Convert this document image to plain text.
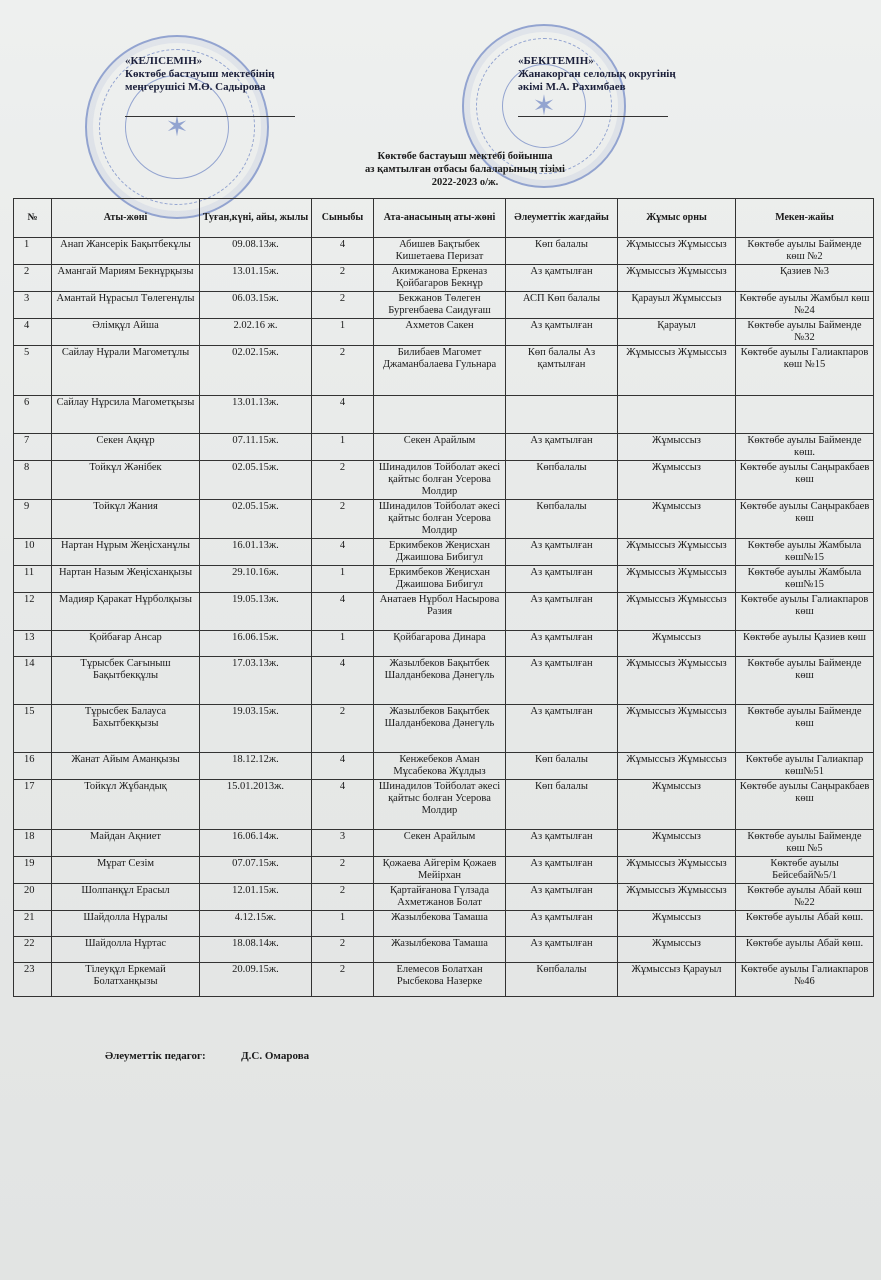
✶
✶
«КЕЛІСЕМІН»
Көктөбе бастауыш мектебінің
меңгерушісі М.Ө. Садырова
«БЕКІТЕМІН»
Жанакорган селолық округінің
әкімі М.А. Рахимбаев
Көктөбе бастауыш мектебі бойынша
аз қамтылған отбасы балаларының тізімі
2022-2023 о/ж.
№	Аты-жөні	Туған,күні, айы, жылы	Сыныбы	Ата-анасының аты-жөні	Әлеуметтік жағдайы	Жұмыс орны	Мекен-жайы
1	Анап Жансерік Бақытбекұлы	09.08.13ж.	4	Абишев Бақтыбек Кишетаева Перизат	Көп балалы	Жұмыссыз Жұмыссыз	Көктөбе ауылы Баймендe көш №2
2	Амангай Мариям Бекнұрқызы	13.01.15ж.	2	Акимжанова Еркеназ Қойбагаров Бекнұр	Аз қамтылған	Жұмыссыз Жұмыссыз	Қазиев №3
3	Амантай Нұрасыл Төлегенұлы	06.03.15ж.	2	Бекжанов Төлеген Бургенбаева Саидуғаш	АСП Көп балалы	Қарауыл Жұмыссыз	Көктөбе ауылы Жамбыл көш №24
4	Әлімқұл Айша	2.02.16 ж.	1	Ахметов Сакен	Аз қамтылған	Қарауыл	Көктөбе ауылы Баймендe №32
5	Сайлау Нұрали Магометұлы	02.02.15ж.	2	Билибаев Магомет Джаманбалаева Гульнара	Көп балалы Аз қамтылған	Жұмыссыз Жұмыссыз	Көктөбе ауылы Галиакпаров көш №15
6	Сайлау Нұрсила Магометқызы	13.01.13ж.	4				
7	Секен Ақнұр	07.11.15ж.	1	Секен Арайлым	Аз қамтылған	Жұмыссыз	Көктөбе ауылы Баймендe көш.
8	Тойкұл Жәнібек	02.05.15ж.	2	Шинадилов Тойболат әкесі қайтыс болған Усерова Молдир	Көпбалалы	Жұмыссыз	Көктөбе ауылы Саңыракбаев көш
9	Тойкұл Жания	02.05.15ж.	2	Шинадилов Тойболат әкесі қайтыс болған Усерова Молдир	Көпбалалы	Жұмыссыз	Көктөбе ауылы Саңыракбаев көш
10	Нартан Нұрым Жеңісханұлы	16.01.13ж.	4	Еркимбеков Жеңисхан Джаишова Бибигул	Аз қамтылған	Жұмыссыз Жұмыссыз	Көктөбе ауылы Жамбыла көш№15
11	Нартан Назым Жеңісханқызы	29.10.16ж.	1	Еркимбеков Жеңисхан Джаишова Бибигул	Аз қамтылған	Жұмыссыз Жұмыссыз	Көктөбе ауылы Жамбыла көш№15
12	Мадияр Қаракат Нұрболқызы	19.05.13ж.	4	Анатаев Нұрбол Насырова Разия	Аз қамтылған	Жұмыссыз Жұмыссыз	Көктөбе ауылы Галиакпаров көш
13	Қойбағар Ансар	16.06.15ж.	1	Қойбагарова Динара	Аз қамтылған	Жұмыссыз	Көктөбе ауылы Қазиев көш
14	Тұрысбек Сағыныш Бақытбекқұлы	17.03.13ж.	4	Жазылбеков Бақытбек Шалданбекова Дәнегүль	Аз қамтылған	Жұмыссыз Жұмыссыз	Көктөбе ауылы Баймендe көш
15	Тұрысбек Балауса Бахытбекқызы	19.03.15ж.	2	Жазылбеков Бақытбек Шалданбекова Дәнегүль	Аз қамтылған	Жұмыссыз Жұмыссыз	Көктөбе ауылы Баймендe көш
16	Жанат Айым Аманқызы	18.12.12ж.	4	Кенжебеков Аман Мұсабекова Жұлдыз	Көп балалы	Жұмыссыз Жұмыссыз	Көктөбе ауылы Галиакпар көш№51
17	Тойкұл Жұбандық	15.01.2013ж.	4	Шинадилов Тойболат әкесі қайтыс болған Усерова Молдир	Көп балалы	Жұмыссыз	Көктөбе ауылы Саңыракбаев көш
18	Майдан Ақниет	16.06.14ж.	3	Секен Арайлым	Аз қамтылған	Жұмыссыз	Көктөбе ауылы Баймендe көш №5
19	Мұрат Сезім	07.07.15ж.	2	Қожаева Айгерім Қожаев Мейірхан	Аз қамтылған	Жұмыссыз Жұмыссыз	Көктөбе ауылы Бейсебай№5/1
20	Шолпанқұл Ерасыл	12.01.15ж.	2	Қартайғанова Гүлзада Ахметжанов Болат	Аз қамтылған	Жұмыссыз Жұмыссыз	Көктөбе ауылы Абай көш №22
21	Шайдолла Нұралы	4.12.15ж.	1	Жазылбекова Тамаша	Аз қамтылған	Жұмыссыз	Көктөбе ауылы Абай көш.
22	Шайдолла Нұртас	18.08.14ж.	2	Жазылбекова Тамаша	Аз қамтылған	Жұмыссыз	Көктөбе ауылы Абай көш.
23	Тілеуқұл Еркемай Болатханқызы	20.09.15ж.	2	Елемесов Болатхан Рысбекова Назерке	Көпбалалы	Жұмыссыз Қарауыл	Көктөбе ауылы Галиакпаров №46
Әлеуметтік педагог:	Д.С. Омарова
